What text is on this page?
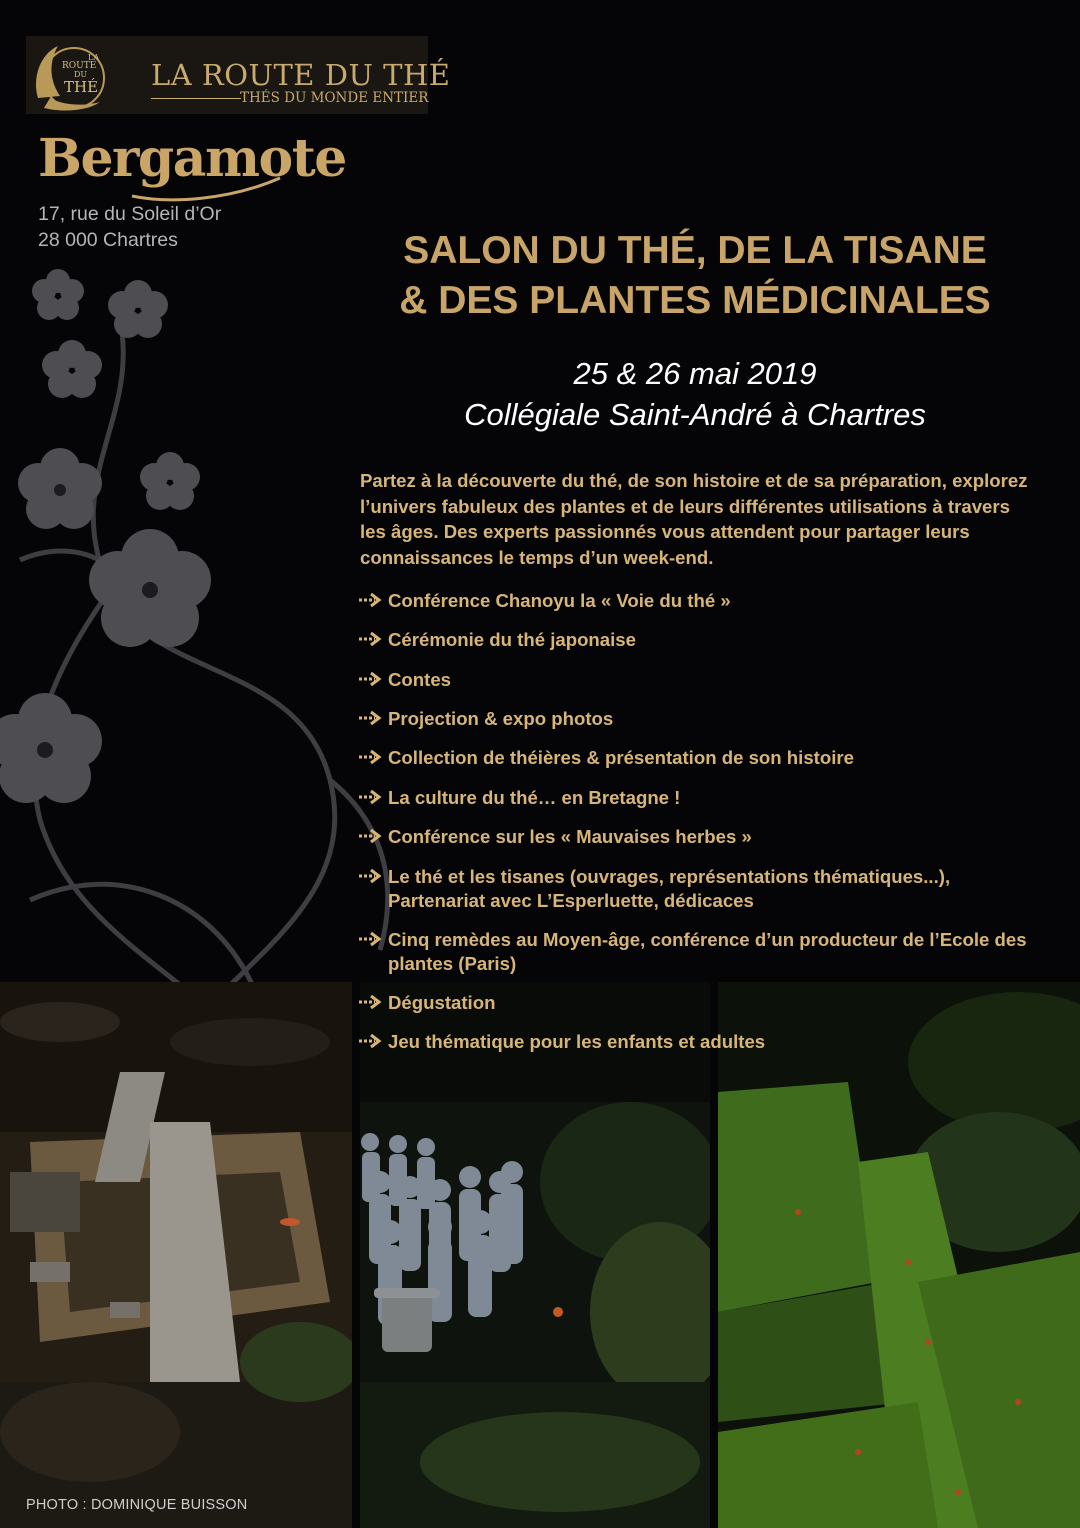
LA
ROUTE
DU
THÉ LA ROUTE DU THÉ
THÉS DU MONDE ENTIER
Bergamote
17, rue du Soleil d’Or
28 000 Chartres	SALON DU THÉ, DE LA TISANE
& DES PLANTES MÉDICINALES
25 & 26 mai 2019
Collégiale Saint-André à Chartres
Partez à la découverte du thé, de son histoire et de sa préparation, explorez l’univers fabuleux des plantes et de leurs différentes utilisations à travers les âges. Des experts passionnés vous attendent pour partager leurs connaissances le temps d’un week-end.
PHOTO : DOMINIQUE BUISSON
Conférence Chanoyu la « Voie du thé »
Cérémonie du thé japonaise
Contes
Projection & expo photos
Collection de théières & présentation de son histoire
La culture du thé… en Bretagne !
Conférence sur les « Mauvaises herbes »
Le thé et les tisanes (ouvrages, représentations thématiques...), Partenariat avec L’Esperluette, dédicaces
Cinq remèdes au Moyen-âge, conférence d’un producteur de l’Ecole des plantes (Paris)
Dégustation
Jeu thématique pour les enfants et adultes
